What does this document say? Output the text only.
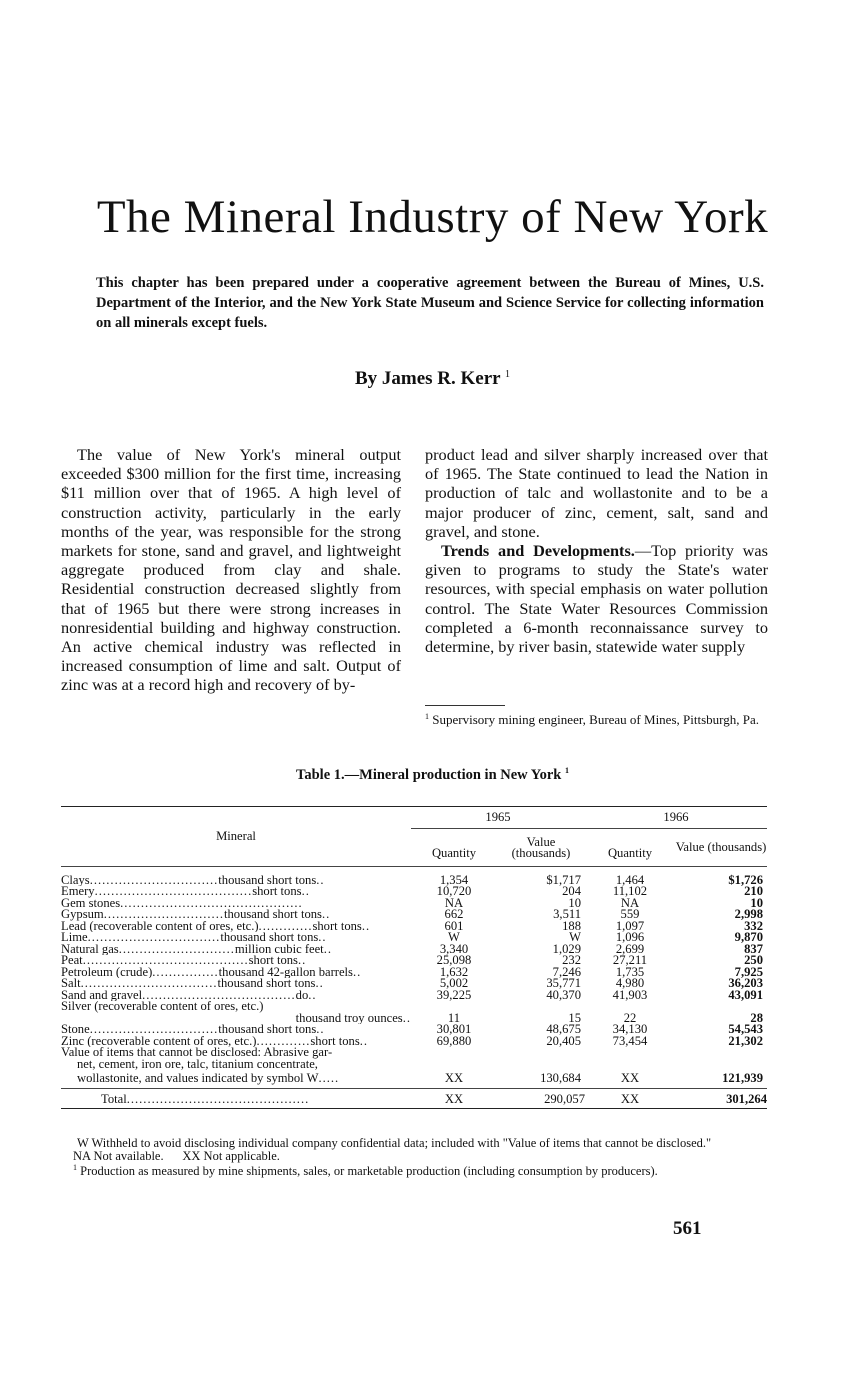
The Mineral Industry of New York
This chapter has been prepared under a cooperative agreement between the Bureau of Mines, U.S. Department of the Interior, and the New York State Museum and Science Service for collecting information on all minerals except fuels.
By James R. Kerr $^1$

The value of New York's mineral output exceeded $300 million for the first time, increasing $11 million over that of 1965. A high level of construction activity, particularly in the early months of the year, was responsible for the strong markets for stone, sand and gravel, and lightweight aggregate produced from clay and shale. Residential construction decreased slightly from that of 1965 but there were strong increases in nonresidential building and highway construction. An active chemical industry was reflected in increased consumption of lime and salt. Output of zinc was at a record high and recovery of by-

product lead and silver sharply increased over that of 1965. The State continued to lead the Nation in production of talc and wollastonite and to be a major producer of zinc, cement, salt, sand and gravel, and stone.

Trends and Developments.—Top priority was given to programs to study the State's water resources, with special emphasis on water pollution control. The State Water Resources Commission completed a 6-month reconnaissance survey to determine, by river basin, statewide water supply

$^1$ Supervisory mining engineer, Bureau of Mines, Pittsburgh, Pa.
Table 1.—Mineral production in New York $^1$
Mineral	1965		1966	
	Quantity	Value (thousands)	Quantity	Value (thousands)
Clays...............................thousand short tons..	1,354	$1,717	1,464	$1,726
Emery......................................short tons..	10,720	204	11,102	210
Gem stones............................................	NA	10	NA	10
Gypsum.............................thousand short tons..	662	3,511	559	2,998
Lead (recoverable content of ores, etc.).............short tons..	601	188	1,097	332
Lime................................thousand short tons..	W	W	1,096	9,870
Natural gas............................million cubic feet..	3,340	1,029	2,699	837
Peat........................................short tons..	25,098	232	27,211	250
Petroleum (crude)................thousand 42-gallon barrels..	1,632	7,246	1,735	7,925
Salt.................................thousand short tons..	5,002	35,771	4,980	36,203
Sand and gravel.....................................do..	39,225	40,370	41,903	43,091
Silver (recoverable content of ores, etc.)				
thousand troy ounces..	11	15	22	28
Stone...............................thousand short tons..	30,801	48,675	34,130	54,543
Zinc (recoverable content of ores, etc.).............short tons..	69,880	20,405	73,454	21,302
Value of items that cannot be disclosed: Abrasive gar-				
net, cement, iron ore, talc, titanium concentrate,				
wollastonite, and values indicated by symbol W.....	XX	130,684	XX	121,939
Total............................................	XX	290,057	XX	301,264

W Withheld to avoid disclosing individual company confidential data; included with "Value of items that cannot be disclosed."

NA Not available. XX Not applicable.

$^1$ Production as measured by mine shipments, sales, or marketable production (including consumption by producers).

561
